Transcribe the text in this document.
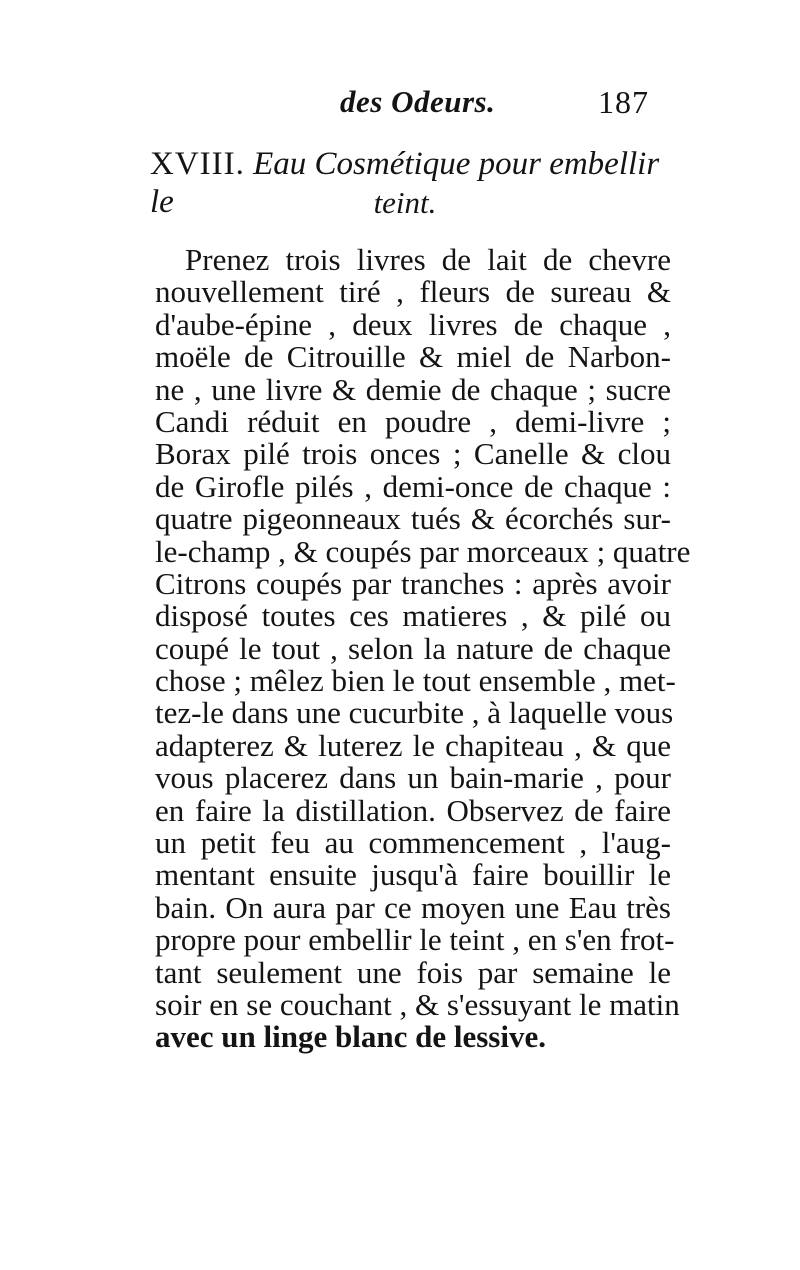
des Odeurs.	187
XVIII. Eau Cosmétique pour embellir le	teint.
Prenez trois livres de lait de chevre
nouvellement tiré , fleurs de sureau &
d'aube-épine , deux livres de chaque ,
moële de Citrouille & miel de Narbon-
ne , une livre & demie de chaque ; sucre
Candi réduit en poudre , demi-livre ;
Borax pilé trois onces ; Canelle & clou
de Girofle pilés , demi-once de chaque :
quatre pigeonneaux tués & écorchés sur-
le-champ , & coupés par morceaux ; quatre
Citrons coupés par tranches : après avoir
disposé toutes ces matieres , & pilé ou
coupé le tout , selon la nature de chaque
chose ; mêlez bien le tout ensemble , met-
tez-le dans une cucurbite , à laquelle vous
adapterez & luterez le chapiteau , & que
vous placerez dans un bain-marie , pour
en faire la distillation. Observez de faire
un petit feu au commencement , l'aug-
mentant ensuite jusqu'à faire bouillir le
bain. On aura par ce moyen une Eau très
propre pour embellir le teint , en s'en frot-
tant seulement une fois par semaine le
soir en se couchant , & s'essuyant le matin
avec un linge blanc de lessive.
